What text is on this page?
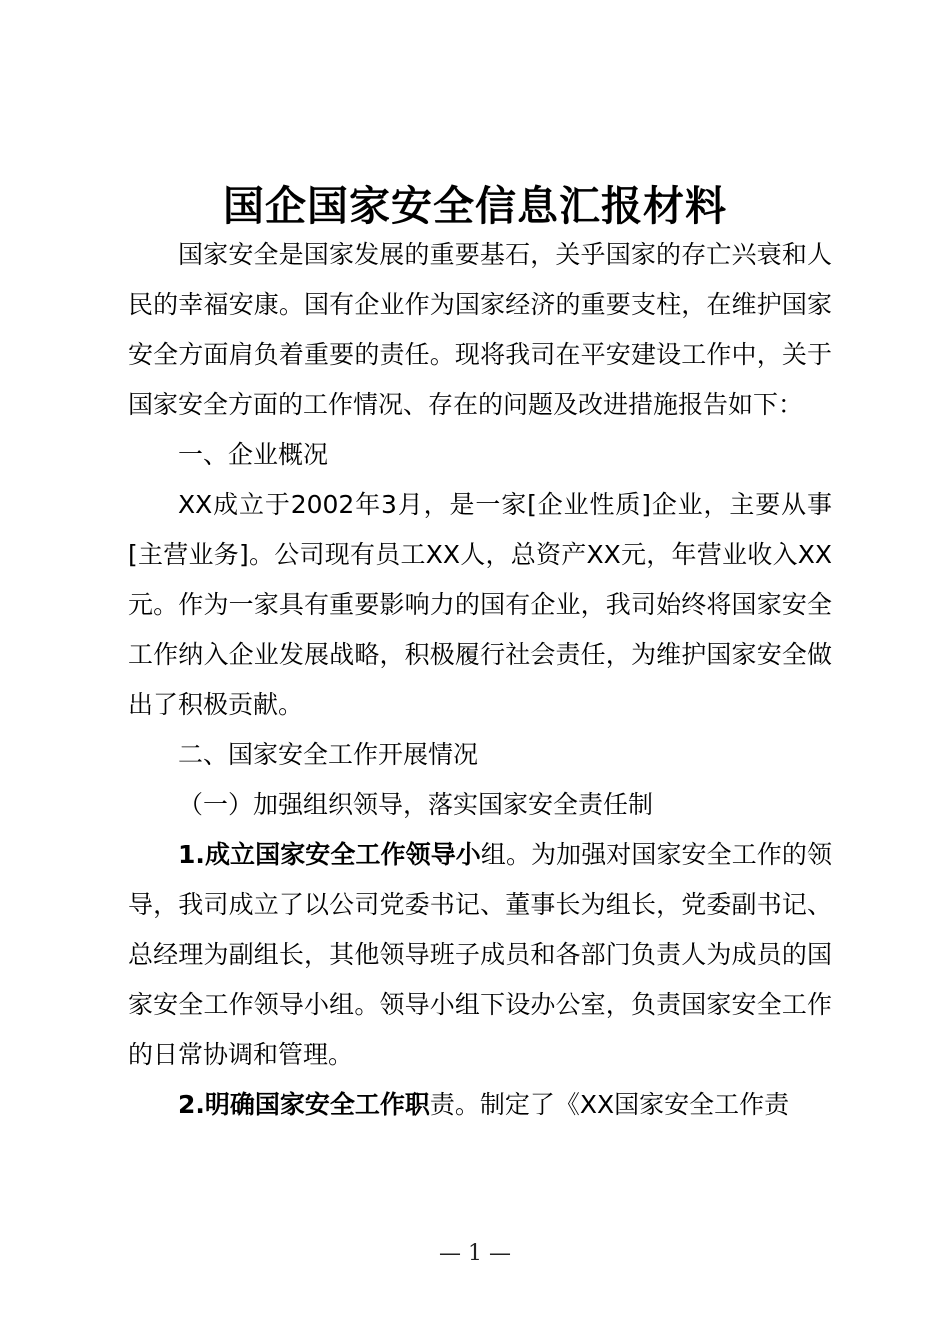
国企国家安全信息汇报材料

国家安全是国家发展的重要基石，关乎国家的存亡兴衰和人民的幸福安康。国有企业作为国家经济的重要支柱，在维护国家安全方面肩负着重要的责任。现将我司在平安建设工作中，关于国家安全方面的工作情况、存在的问题及改进措施报告如下：

一、企业概况

XX成立于2002年3月，是一家[企业性质]企业，主要从事[主营业务]。公司现有员工XX人，总资产XX元，年营业收入XX元。作为一家具有重要影响力的国有企业，我司始终将国家安全工作纳入企业发展战略，积极履行社会责任，为维护国家安全做出了积极贡献。

二、国家安全工作开展情况

（一）加强组织领导，落实国家安全责任制

1.成立国家安全工作领导小组。为加强对国家安全工作的领导，我司成立了以公司党委书记、董事长为组长，党委副书记、总经理为副组长，其他领导班子成员和各部门负责人为成员的国家安全工作领导小组。领导小组下设办公室，负责国家安全工作的日常协调和管理。

2.明确国家安全工作职责。制定了《XX国家安全工作责

— 1 —
